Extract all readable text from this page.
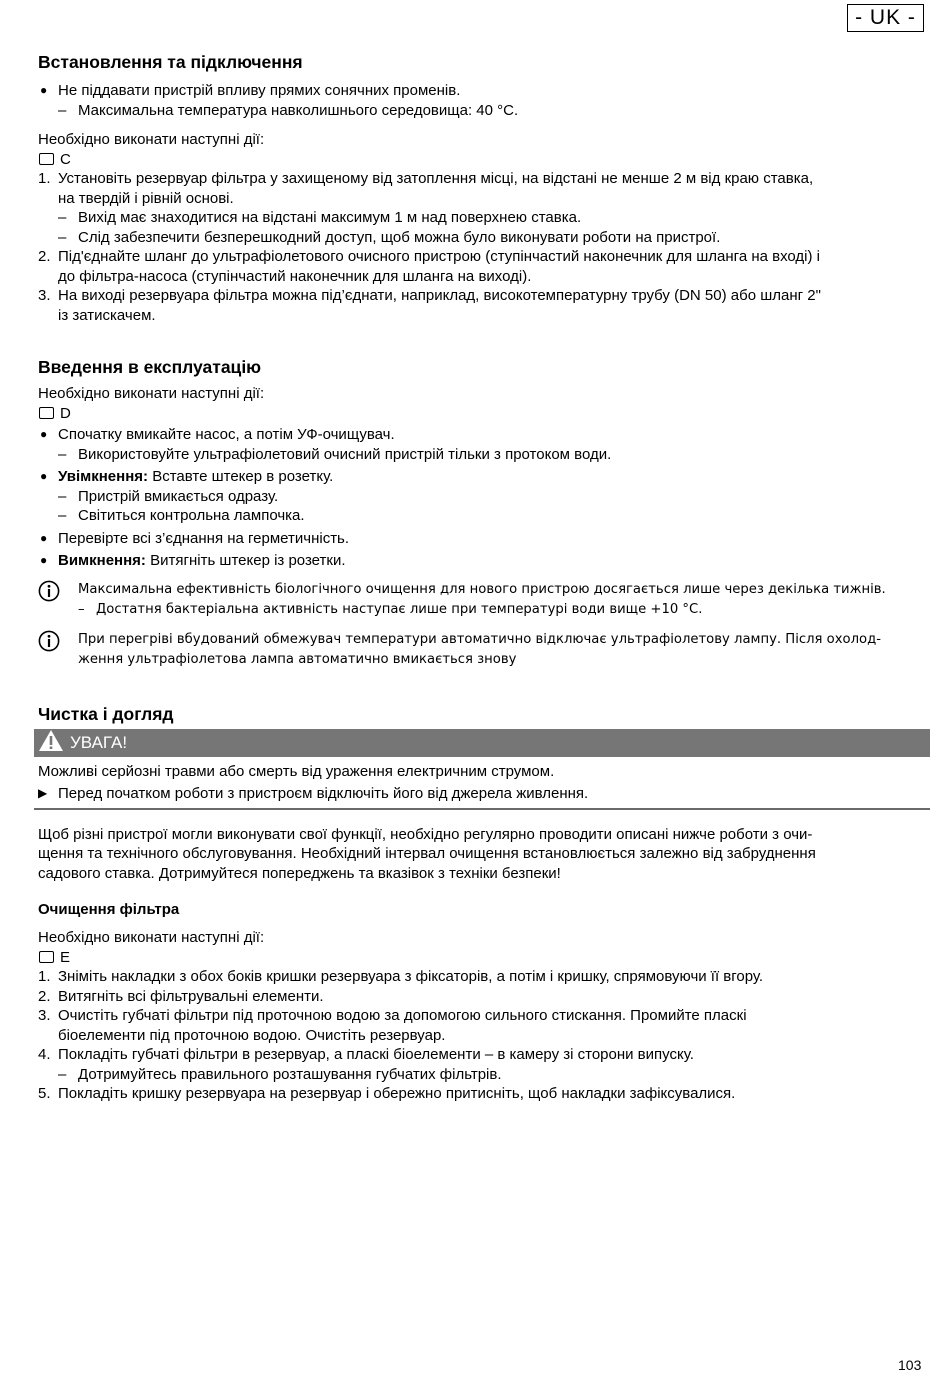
- UK -
Встановлення та підключення
● Не піддавати пристрій впливу прямих сонячних променів.
– Максимальна температура навколишнього середовища: 40 °C.

Необхідно виконати наступні дії:

C
1. Установіть резервуар фільтра у захищеному від затоплення місці, на відстані не менше 2 м від краю ставка,
на твердій і рівній основі.
– Вихід має знаходитися на відстані максимум 1 м над поверхнею ставка.
– Слід забезпечити безперешкодний доступ, щоб можна було виконувати роботи на пристрої.
2. Під'єднайте шланг до ультрафіолетового очисного пристрою (ступінчастий наконечник для шланга на вході) і
до фільтра-насоса (ступінчастий наконечник для шланга на виході).
3. На виході резервуара фільтра можна під’єднати, наприклад, високотемпературну трубу (DN 50) або шланг 2"
із затискачем.
Введення в експлуатацію

Необхідно виконати наступні дії:

D
● Спочатку вмикайте насос, а потім УФ-очищувач.
– Використовуйте ультрафіолетовий очисний пристрій тільки з протоком води.
● Увімкнення: Вставте штекер в розетку.
– Пристрій вмикається одразу.
– Світиться контрольна лампочка.
● Перевірте всі з’єднання на герметичність.
● Вимкнення: Витягніть штекер із розетки.
Максимальна ефективність біологічного очищення для нового пристрою досягається лише через декілька тижнів.
– Достатня бактеріальна активність наступає лише при температурі води вище +10 °C.
При перегріві вбудований обмежувач температури автоматично відключає ультрафіолетову лампу. Після охолод-
ження ультрафіолетова лампа автоматично вмикається знову
Чистка і догляд
УВАГА!

Можливі серйозні травми або смерть від ураження електричним струмом.

▶ Перед початком роботи з пристроєм відключіть його від джерела живлення.

Щоб різні пристрої могли виконувати свої функції, необхідно регулярно проводити описані нижче роботи з очи-

щення та технічного обслуговування. Необхідний інтервал очищення встановлюється залежно від забруднення

садового ставка. Дотримуйтеся попереджень та вказівок з техніки безпеки!

Очищення фільтра

Необхідно виконати наступні дії:

E
1. Зніміть накладки з обох боків кришки резервуара з фіксаторів, а потім і кришку, спрямовуючи її вгору.
2. Витягніть всі фільтрувальні елементи.
3. Очистіть губчаті фільтри під проточною водою за допомогою сильного стискання. Промийте пласкі
біоелементи під проточною водою. Очистіть резервуар.
4. Покладіть губчаті фільтри в резервуар, а пласкі біоелементи – в камеру зі сторони випуску.
– Дотримуйтесь правильного розташування губчатих фільтрів.
5. Покладіть кришку резервуара на резервуар і обережно притисніть, щоб накладки зафіксувалися.
103
